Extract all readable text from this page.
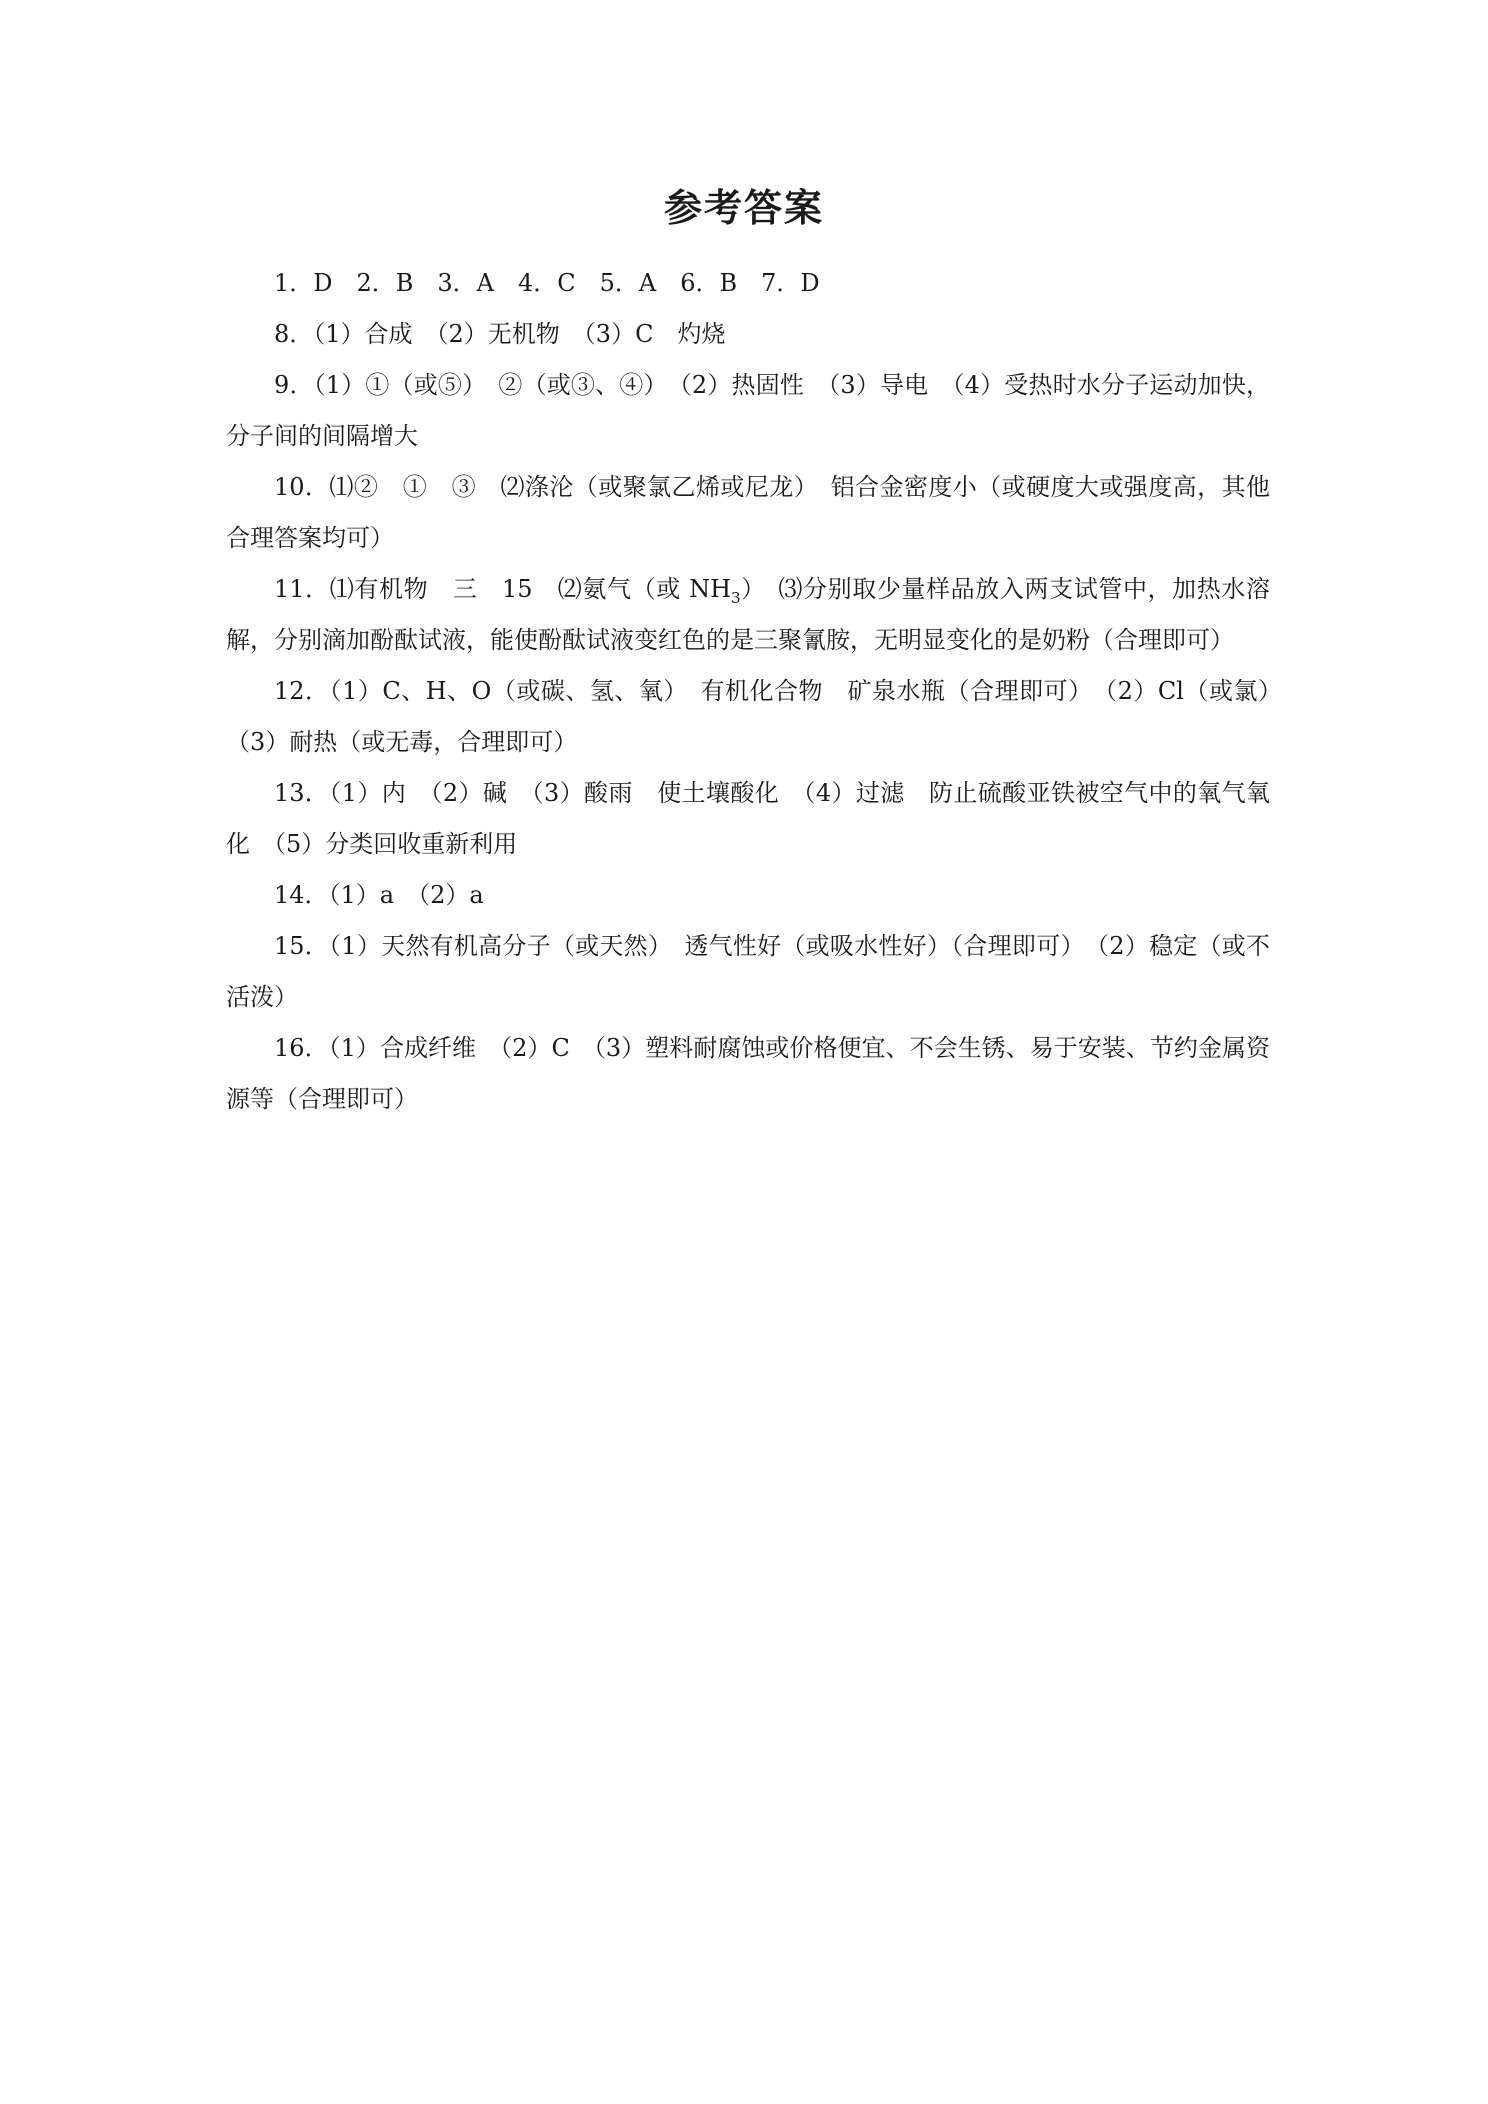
参考答案

1．D　2．B　3．A　4．C　5．A　6．B　7．D

8．（1）合成　（2）无机物　（3）C　灼烧

9．（1）①（或⑤）　②（或③、④）　（2）热固性　（3）导电　（4）受热时水分子运动加快，分子间的间隔增大

10．⑴②　①　③　⑵涤沦（或聚氯乙烯或尼龙）　铝合金密度小（或硬度大或强度高，其他合理答案均可）

11．⑴有机物　三　15　⑵氨气（或 $NH_3$）　⑶分别取少量样品放入两支试管中，加热水溶解，分别滴加酚酞试液，能使酚酞试液变红色的是三聚氰胺，无明显变化的是奶粉（合理即可）

12．（1）C、H、O（或碳、氢、氧）　有机化合物　矿泉水瓶（合理即可）　（2）Cl（或氯）　（3）耐热（或无毒，合理即可）

13．（1）内　（2）碱　（3）酸雨　使土壤酸化　（4）过滤　防止硫酸亚铁被空气中的氧气氧化　（5）分类回收重新利用

14．（1）a　（2）a

15．（1）天然有机高分子（或天然）　透气性好（或吸水性好）（合理即可）　（2）稳定（或不活泼）

16．（1）合成纤维　（2）C　（3）塑料耐腐蚀或价格便宜、不会生锈、易于安装、节约金属资源等（合理即可）
